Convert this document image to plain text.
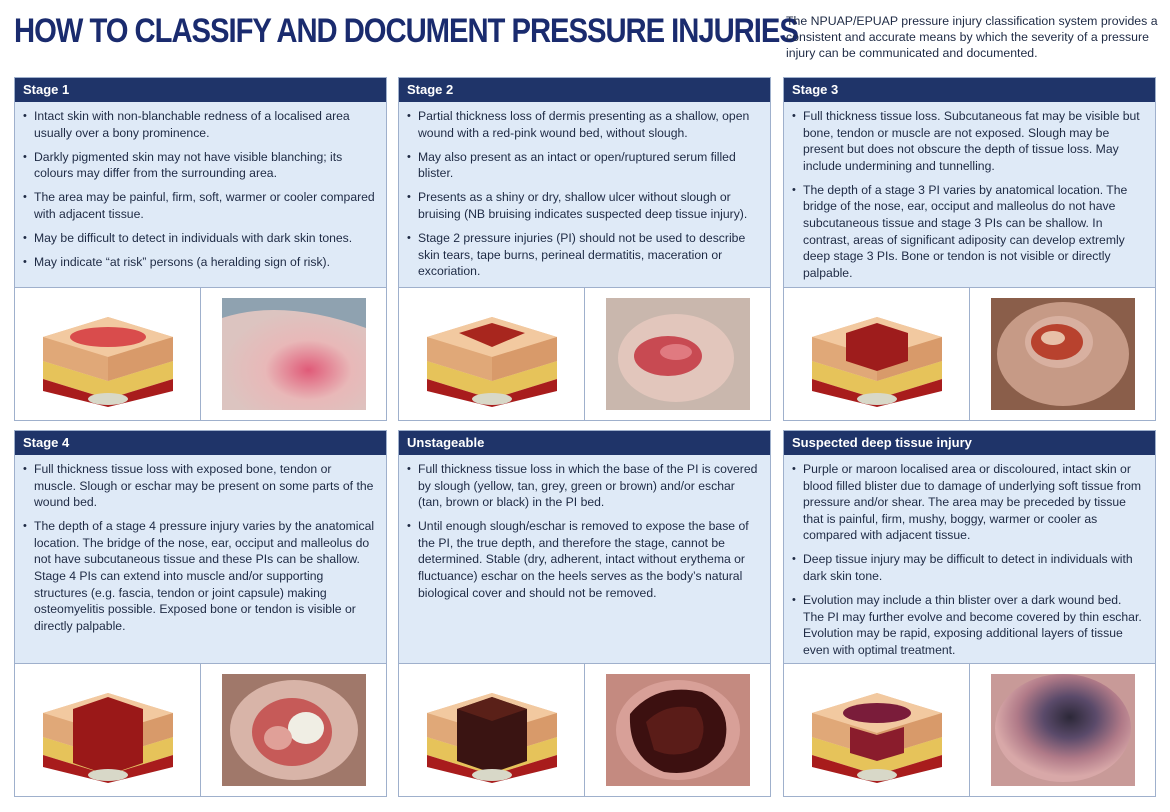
HOW TO CLASSIFY AND DOCUMENT PRESSURE INJURIES
The NPUAP/EPUAP pressure injury classification system provides a consistent and accurate means by which the severity of a pressure injury can be communicated and documented.
Stage 1
• Intact skin with non-blanchable redness of a localised area usually over a bony prominence.
• Darkly pigmented skin may not have visible blanching; its colours may differ from the surrounding area.
• The area may be painful, firm, soft, warmer or cooler compared with adjacent tissue.
• May be difficult to detect in individuals with dark skin tones.
• May indicate “at risk” persons (a heralding sign of risk).
Stage 2
• Partial thickness loss of dermis presenting as a shallow, open wound with a red-pink wound bed, without slough.
• May also present as an intact or open/ruptured serum filled blister.
• Presents as a shiny or dry, shallow ulcer without slough or bruising (NB bruising indicates suspected deep tissue injury).
• Stage 2 pressure injuries (PI) should not be used to describe skin tears, tape burns, perineal dermatitis, maceration or excoriation.
Stage 3
• Full thickness tissue loss. Subcutaneous fat may be visible but bone, tendon or muscle are not exposed. Slough may be present but does not obscure the depth of tissue loss. May include undermining and tunnelling.
• The depth of a stage 3 PI varies by anatomical location. The bridge of the nose, ear, occiput and malleolus do not have subcutaneous tissue and stage 3 PIs can be shallow. In contrast, areas of significant adiposity can develop extremly deep stage 3 PIs. Bone or tendon is not visible or directly palpable.
Stage 4
• Full thickness tissue loss with exposed bone, tendon or muscle. Slough or eschar may be present on some parts of the wound bed.
• The depth of a stage 4 pressure injury varies by the anatomical location. The bridge of the nose, ear, occiput and malleolus do not have subcutaneous tissue and these PIs can be shallow. Stage 4 PIs can extend into muscle and/or supporting structures (e.g. fascia, tendon or joint capsule) making osteomyelitis possible. Exposed bone or tendon is visible or directly palpable.
Unstageable
• Full thickness tissue loss in which the base of the PI is covered by slough (yellow, tan, grey, green or brown) and/or eschar (tan, brown or black) in the PI bed.
• Until enough slough/eschar is removed to expose the base of the PI, the true depth, and therefore the stage, cannot be determined. Stable (dry, adherent, intact without erythema or fluctuance) eschar on the heels serves as the body’s natural biological cover and should not be removed.
Suspected deep tissue injury
• Purple or maroon localised area or discoloured, intact skin or blood filled blister due to damage of underlying soft tissue from pressure and/or shear. The area may be preceded by tissue that is painful, firm, mushy, boggy, warmer or cooler as compared with adjacent tissue.
• Deep tissue injury may be difficult to detect in individuals with dark skin tone.
• Evolution may include a thin blister over a dark wound bed. The PI may further evolve and become covered by thin eschar. Evolution may be rapid, exposing additional layers of tissue even with optimal treatment.
